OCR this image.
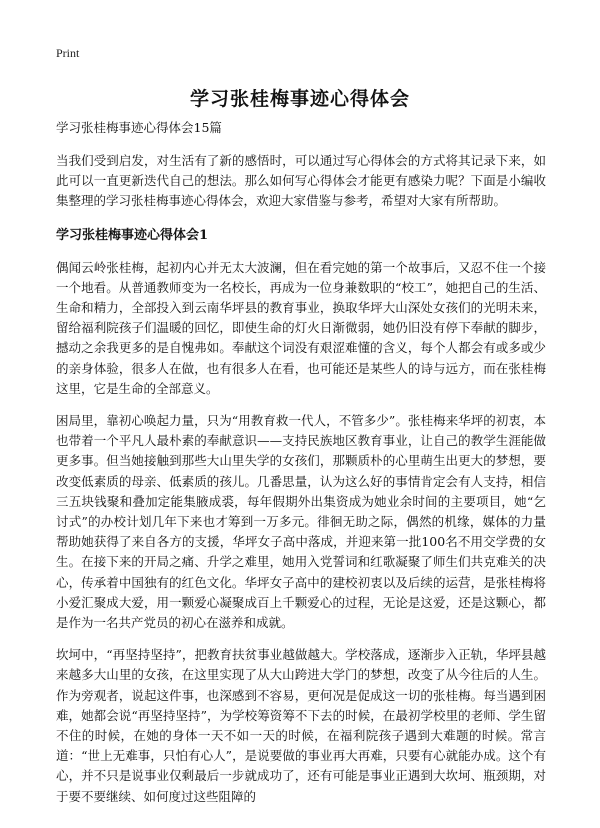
Print
学习张桂梅事迹心得体会

学习张桂梅事迹心得体会15篇

当我们受到启发，对生活有了新的感悟时，可以通过写心得体会的方式将其记录下来，如此可以一直更新迭代自己的想法。那么如何写心得体会才能更有感染力呢？下面是小编收集整理的学习张桂梅事迹心得体会，欢迎大家借鉴与参考，希望对大家有所帮助。

学习张桂梅事迹心得体会1

偶闻云岭张桂梅，起初内心并无太大波澜，但在看完她的第一个故事后，又忍不住一个接一个地看。从普通教师变为一名校长，再成为一位身兼数职的“校工”，她把自己的生活、生命和精力，全部投入到云南华坪县的教育事业，换取华坪大山深处女孩们的光明未来，留给福利院孩子们温暖的回忆，即使生命的灯火日渐微弱，她仍旧没有停下奉献的脚步，撼动之余我更多的是自愧弗如。奉献这个词没有艰涩难懂的含义，每个人都会有或多或少的亲身体验，很多人在做，也有很多人在看，也可能还是某些人的诗与远方，而在张桂梅这里，它是生命的全部意义。

困局里，靠初心唤起力量，只为“用教育救一代人，不管多少”。张桂梅来华坪的初衷，本也带着一个平凡人最朴素的奉献意识——支持民族地区教育事业，让自己的教学生涯能做更多事。但当她接触到那些大山里失学的女孩们，那颗质朴的心里萌生出更大的梦想，要改变低素质的母亲、低素质的孩儿。几番思量，认为这么好的事情肯定会有人支持，相信三五块钱聚和叠加定能集腋成裘，每年假期外出集资成为她业余时间的主要项目，她“乞讨式”的办校计划几年下来也才筹到一万多元。徘徊无助之际，偶然的机缘，媒体的力量帮助她获得了来自各方的支援，华坪女子高中落成，并迎来第一批100名不用交学费的女生。在接下来的开局之痛、升学之难里，她用入党誓词和红歌凝聚了师生们共克难关的决心，传承着中国独有的红色文化。华坪女子高中的建校初衷以及后续的运营，是张桂梅将小爱汇聚成大爱，用一颗爱心凝聚成百上千颗爱心的过程，无论是这爱，还是这颗心，都是作为一名共产党员的初心在滋养和成就。

坎坷中，“再坚持坚持”，把教育扶贫事业越做越大。学校落成，逐渐步入正轨，华坪县越来越多大山里的女孩，在这里实现了从大山跨进大学门的梦想，改变了从今往后的人生。作为旁观者，说起这件事，也深感到不容易，更何况是促成这一切的张桂梅。每当遇到困难，她都会说“再坚持坚持”，为学校筹资筹不下去的时候，在最初学校里的老师、学生留不住的时候，在她的身体一天不如一天的时候，在福利院孩子遇到大难题的时候。常言道：“世上无难事，只怕有心人”，是说要做的事业再大再难，只要有心就能办成。这个有心，并不只是说事业仅剩最后一步就成功了，还有可能是事业正遇到大坎坷、瓶颈期，对于要不要继续、如何度过这些阻障的
